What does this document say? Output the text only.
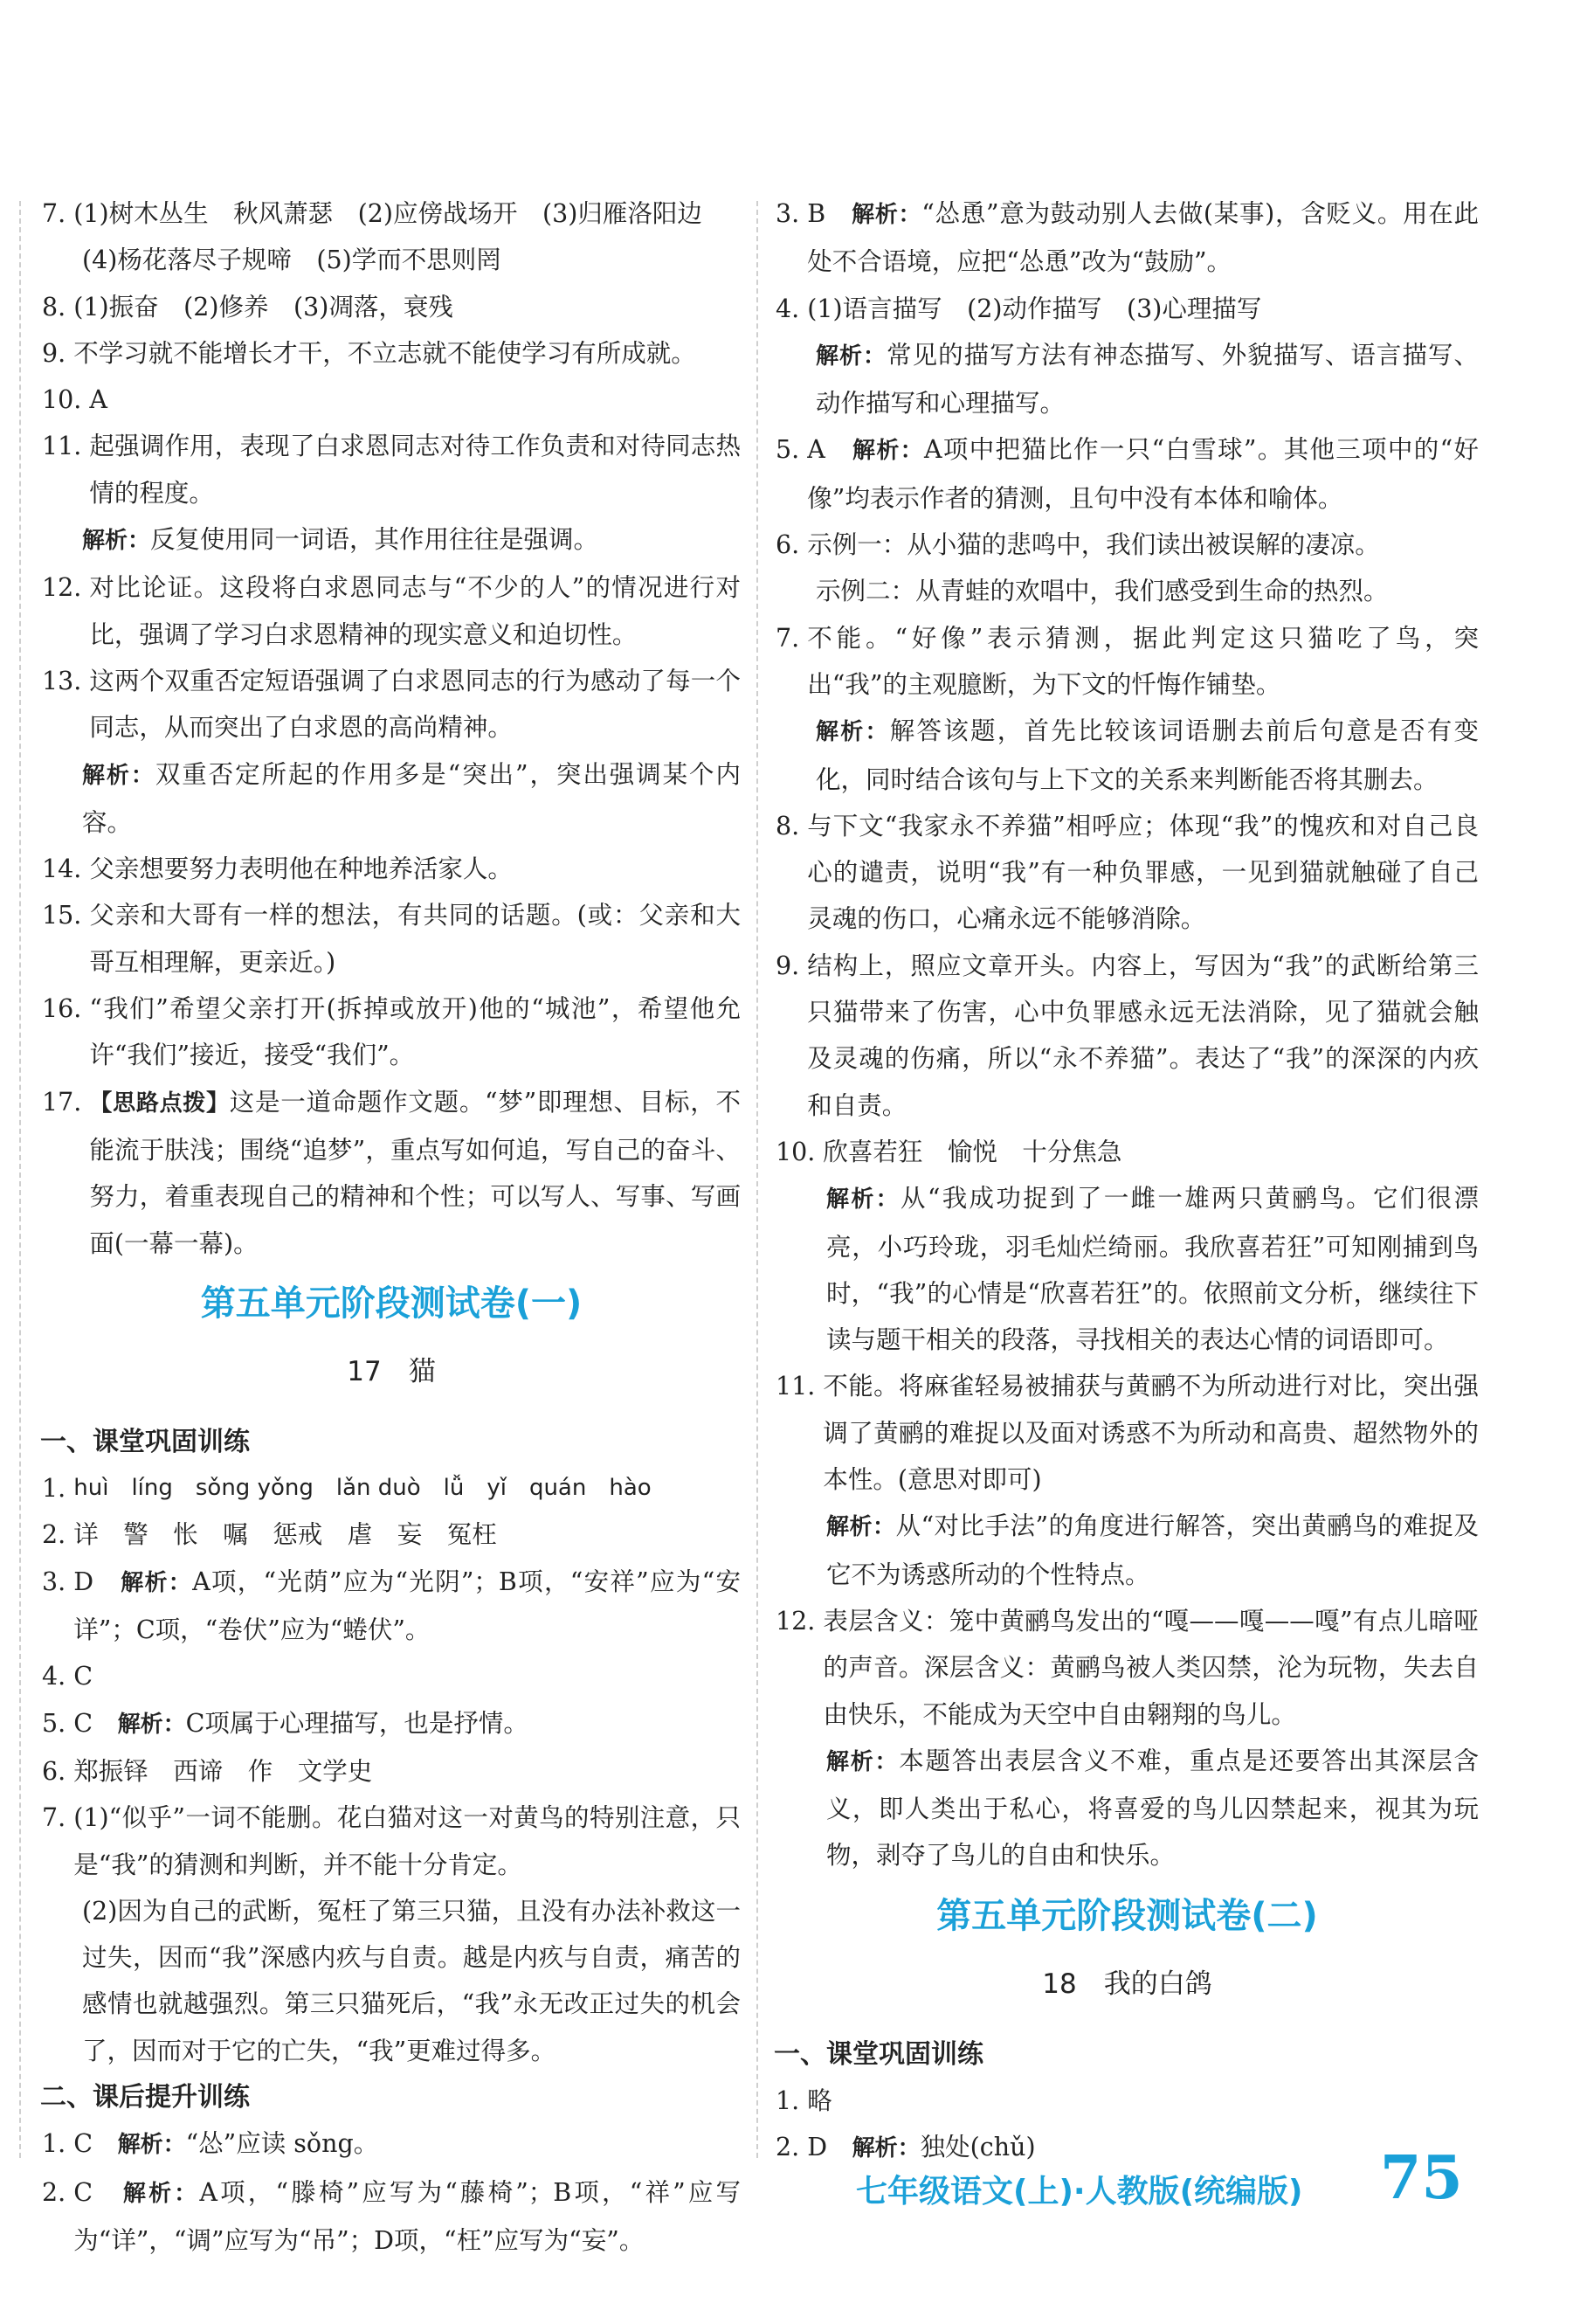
7. (1)树木丛生　秋风萧瑟　(2)应傍战场开　(3)归雁洛阳边
(4)杨花落尽子规啼　(5)学而不思则罔
8. (1)振奋　(2)修养　(3)凋落，衰残
9. 不学习就不能增长才干，不立志就不能使学习有所成就。
10. A
11. 起强调作用，表现了白求恩同志对待工作负责和对待同志热情的程度。
解析：反复使用同一词语，其作用往往是强调。
12. 对比论证。这段将白求恩同志与“不少的人”的情况进行对比，强调了学习白求恩精神的现实意义和迫切性。
13. 这两个双重否定短语强调了白求恩同志的行为感动了每一个同志，从而突出了白求恩的高尚精神。
解析：双重否定所起的作用多是“突出”，突出强调某个内容。
14. 父亲想要努力表明他在种地养活家人。
15. 父亲和大哥有一样的想法，有共同的话题。(或：父亲和大哥互相理解，更亲近。)
16. “我们”希望父亲打开(拆掉或放开)他的“城池”，希望他允许“我们”接近，接受“我们”。
17. 【思路点拨】这是一道命题作文题。“梦”即理想、目标，不能流于肤浅；围绕“追梦”，重点写如何追，写自己的奋斗、努力，着重表现自己的精神和个性；可以写人、写事、写画面(一幕一幕)。
第五单元阶段测试卷(一)
17　 猫
一、课堂巩固训练
1. huì　líng　sǒng yǒng　lǎn duò　lǚ　yǐ　quán　hào
2. 详　警　怅　嘱　惩戒　虐　妄　冤枉
3. D　 解析：A项，“光荫”应为“光阴”；B项，“安祥”应为“安详”；C项，“卷伏”应为“蜷伏”。
4. C
5. C　 解析：C项属于心理描写，也是抒情。
6. 郑振铎　西谛　作　文学史
7. (1)“似乎”一词不能删。花白猫对这一对黄鸟的特别注意，只是“我”的猜测和判断，并不能十分肯定。
(2)因为自己的武断，冤枉了第三只猫，且没有办法补救这一过失，因而“我”深感内疚与自责。越是内疚与自责，痛苦的感情也就越强烈。第三只猫死后，“我”永无改正过失的机会了，因而对于它的亡失，“我”更难过得多。
二、课后提升训练
1. C　 解析：“怂”应读 sǒng。
2. C　 解析：A项，“滕椅”应写为“藤椅”；B项，“祥”应写为“详”，“调”应写为“吊”；D项，“枉”应写为“妄”。
3. B　 解析：“怂恿”意为鼓动别人去做(某事)，含贬义。用在此处不合语境，应把“怂恿”改为“鼓励”。
4. (1)语言描写　(2)动作描写　(3)心理描写
解析：常见的描写方法有神态描写、外貌描写、语言描写、动作描写和心理描写。
5. A　 解析：A项中把猫比作一只“白雪球”。其他三项中的“好像”均表示作者的猜测，且句中没有本体和喻体。
6. 示例一：从小猫的悲鸣中，我们读出被误解的凄凉。
示例二：从青蛙的欢唱中，我们感受到生命的热烈。
7. 不能。“好像”表示猜测，据此判定这只猫吃了鸟，突出“我”的主观臆断，为下文的忏悔作铺垫。
解析：解答该题，首先比较该词语删去前后句意是否有变化，同时结合该句与上下文的关系来判断能否将其删去。
8. 与下文“我家永不养猫”相呼应；体现“我”的愧疚和对自己良心的谴责，说明“我”有一种负罪感，一见到猫就触碰了自己灵魂的伤口，心痛永远不能够消除。
9. 结构上，照应文章开头。内容上，写因为“我”的武断给第三只猫带来了伤害，心中负罪感永远无法消除，见了猫就会触及灵魂的伤痛，所以“永不养猫”。表达了“我”的深深的内疚和自责。
10. 欣喜若狂　愉悦　十分焦急
解析：从“我成功捉到了一雌一雄两只黄鹂鸟。它们很漂亮，小巧玲珑，羽毛灿烂绮丽。我欣喜若狂”可知刚捕到鸟时，“我”的心情是“欣喜若狂”的。依照前文分析，继续往下读与题干相关的段落，寻找相关的表达心情的词语即可。
11. 不能。将麻雀轻易被捕获与黄鹂不为所动进行对比，突出强调了黄鹂的难捉以及面对诱惑不为所动和高贵、超然物外的本性。(意思对即可)
解析：从“对比手法”的角度进行解答，突出黄鹂鸟的难捉及它不为诱惑所动的个性特点。
12. 表层含义：笼中黄鹂鸟发出的“嘎——嘎——嘎”有点儿暗哑的声音。深层含义：黄鹂鸟被人类囚禁，沦为玩物，失去自由快乐，不能成为天空中自由翱翔的鸟儿。
解析：本题答出表层含义不难，重点是还要答出其深层含义，即人类出于私心，将喜爱的鸟儿囚禁起来，视其为玩物，剥夺了鸟儿的自由和快乐。
第五单元阶段测试卷(二)
18　 我的白鸽
一、课堂巩固训练
1. 略
2. D　 解析：独处(chǔ)
七年级语文(上)·人教版(统编版) 75
